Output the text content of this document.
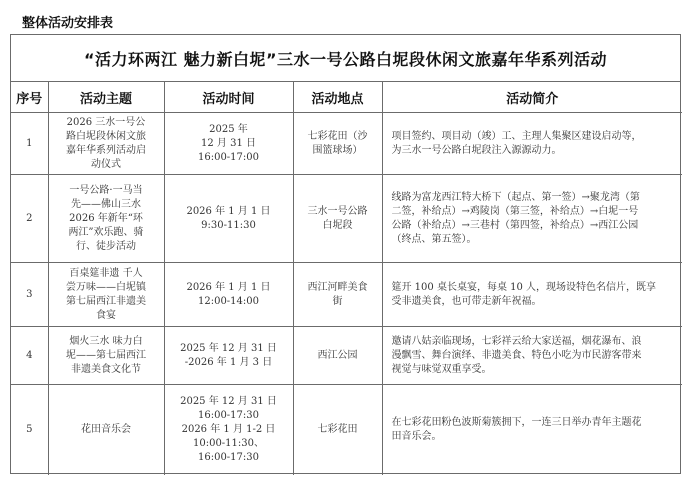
整体活动安排表
“活力环两江 魅力新白坭”三水一号公路白坭段休闲文旅嘉年华系列活动
序号	活动主题	活动时间	活动地点	活动简介
1	2026 三水一号公
路白坭段休闲文旅
嘉年华系列活动启
动仪式	2025 年
12 月 31 日
16:00-17:00	七彩花田（沙
围篮球场）	项目签约、项目动（竣）工、主理人集聚区建设启动等，
为三水一号公路白坭段注入源源动力。
2	一号公路·一马当
先——佛山三水
2026 年新年“环
两江”欢乐跑、骑
行、徒步活动	2026 年 1 月 1 日
9:30-11:30	三水一号公路
白坭段	线路为富龙西江特大桥下（起点、第一签）→聚龙湾（第
二签，补给点）→鸡陵岗（第三签，补给点）→白坭一号
公路（补给点）→三巷村（第四签，补给点）→西江公园
（终点、第五签）。
3	百桌筵非遗 千人
尝万味——白坭镇
第七届西江非遗美
食宴	2026 年 1 月 1 日
12:00-14:00	西江河畔美食
街	筵开 100 桌长桌宴，每桌 10 人，现场设特色名信片，既享
受非遗美食，也可带走新年祝福。
4	烟火三水 味力白
坭——第七届西江
非遗美食文化节	2025 年 12 月 31 日
-2026 年 1 月 3 日	西江公园	邀请八姑亲临现场，七彩祥云给大家送福，烟花瀑布、浪
漫飘雪、舞台演绎、非遗美食、特色小吃为市民游客带来
视觉与味觉双重享受。
5	花田音乐会	2025 年 12 月 31 日
16:00-17:30
2026 年 1 月 1-2 日
10:00-11:30、
16:00-17:30	七彩花田	在七彩花田粉色波斯菊簇拥下，一连三日举办青年主题花
田音乐会。
